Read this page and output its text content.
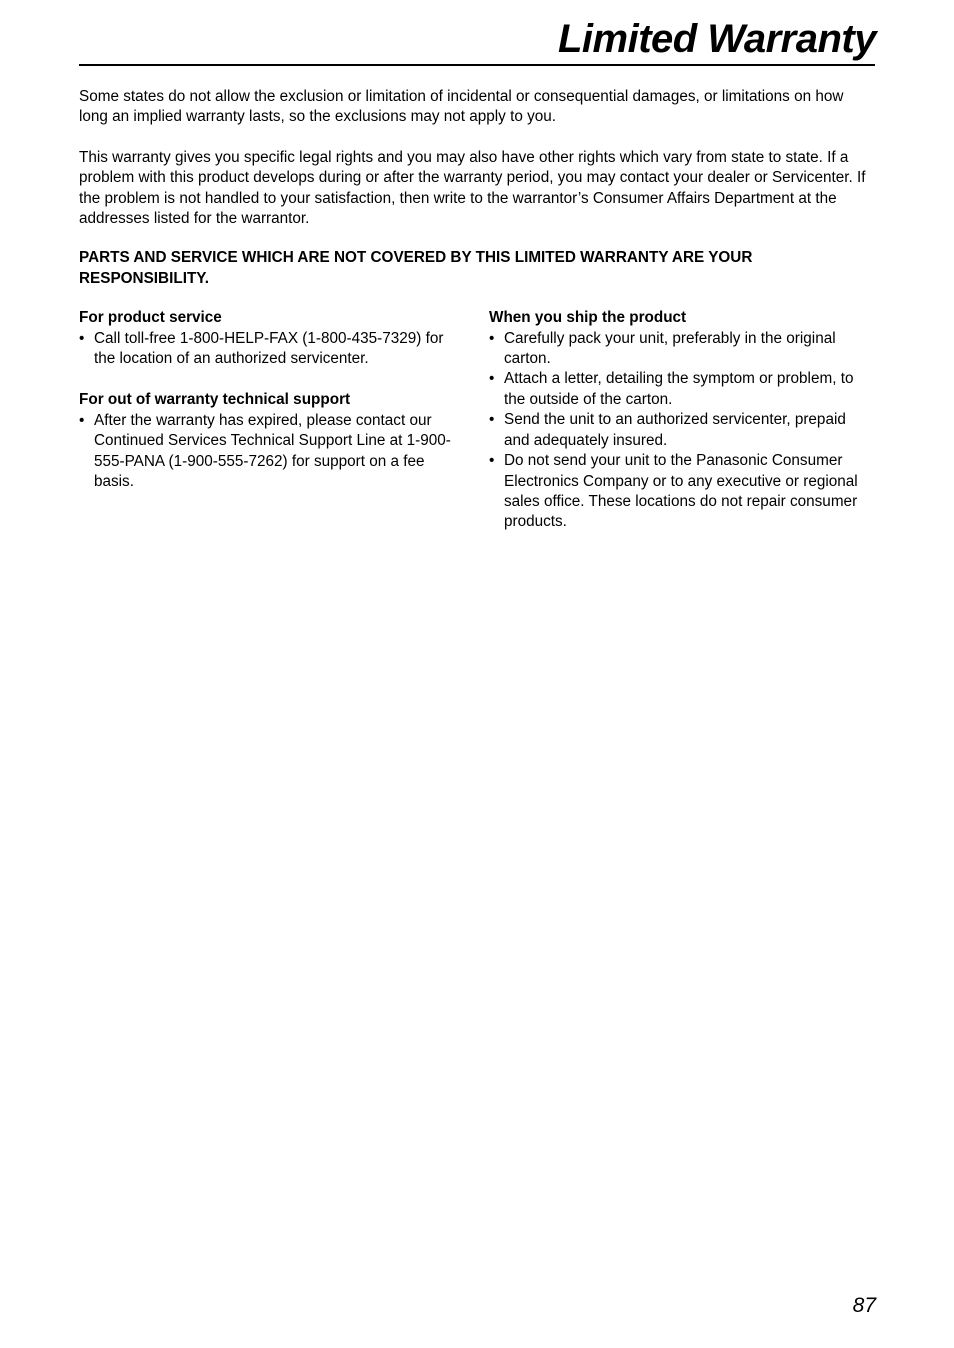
Limited Warranty

Some states do not allow the exclusion or limitation of incidental or consequential damages, or limitations on how long an implied warranty lasts, so the exclusions may not apply to you.

This warranty gives you specific legal rights and you may also have other rights which vary from state to state. If a problem with this product develops during or after the warranty period, you may contact your dealer or Servicenter. If the problem is not handled to your satisfaction, then write to the warrantor’s Consumer Affairs Department at the addresses listed for the warrantor.

PARTS AND SERVICE WHICH ARE NOT COVERED BY THIS LIMITED WARRANTY ARE YOUR RESPONSIBILITY.

For product service
• Call toll-free 1-800-HELP-FAX (1-800-435-7329) for the location of an authorized servicenter.
For out of warranty technical support
• After the warranty has expired, please contact our Continued Services Technical Support Line at 1-900-555-PANA (1-900-555-7262) for support on a fee basis.
When you ship the product
• Carefully pack your unit, preferably in the original carton.
• Attach a letter, detailing the symptom or problem, to the outside of the carton.
• Send the unit to an authorized servicenter, prepaid and adequately insured.
• Do not send your unit to the Panasonic Consumer Electronics Company or to any executive or regional sales office. These locations do not repair consumer products.
87
